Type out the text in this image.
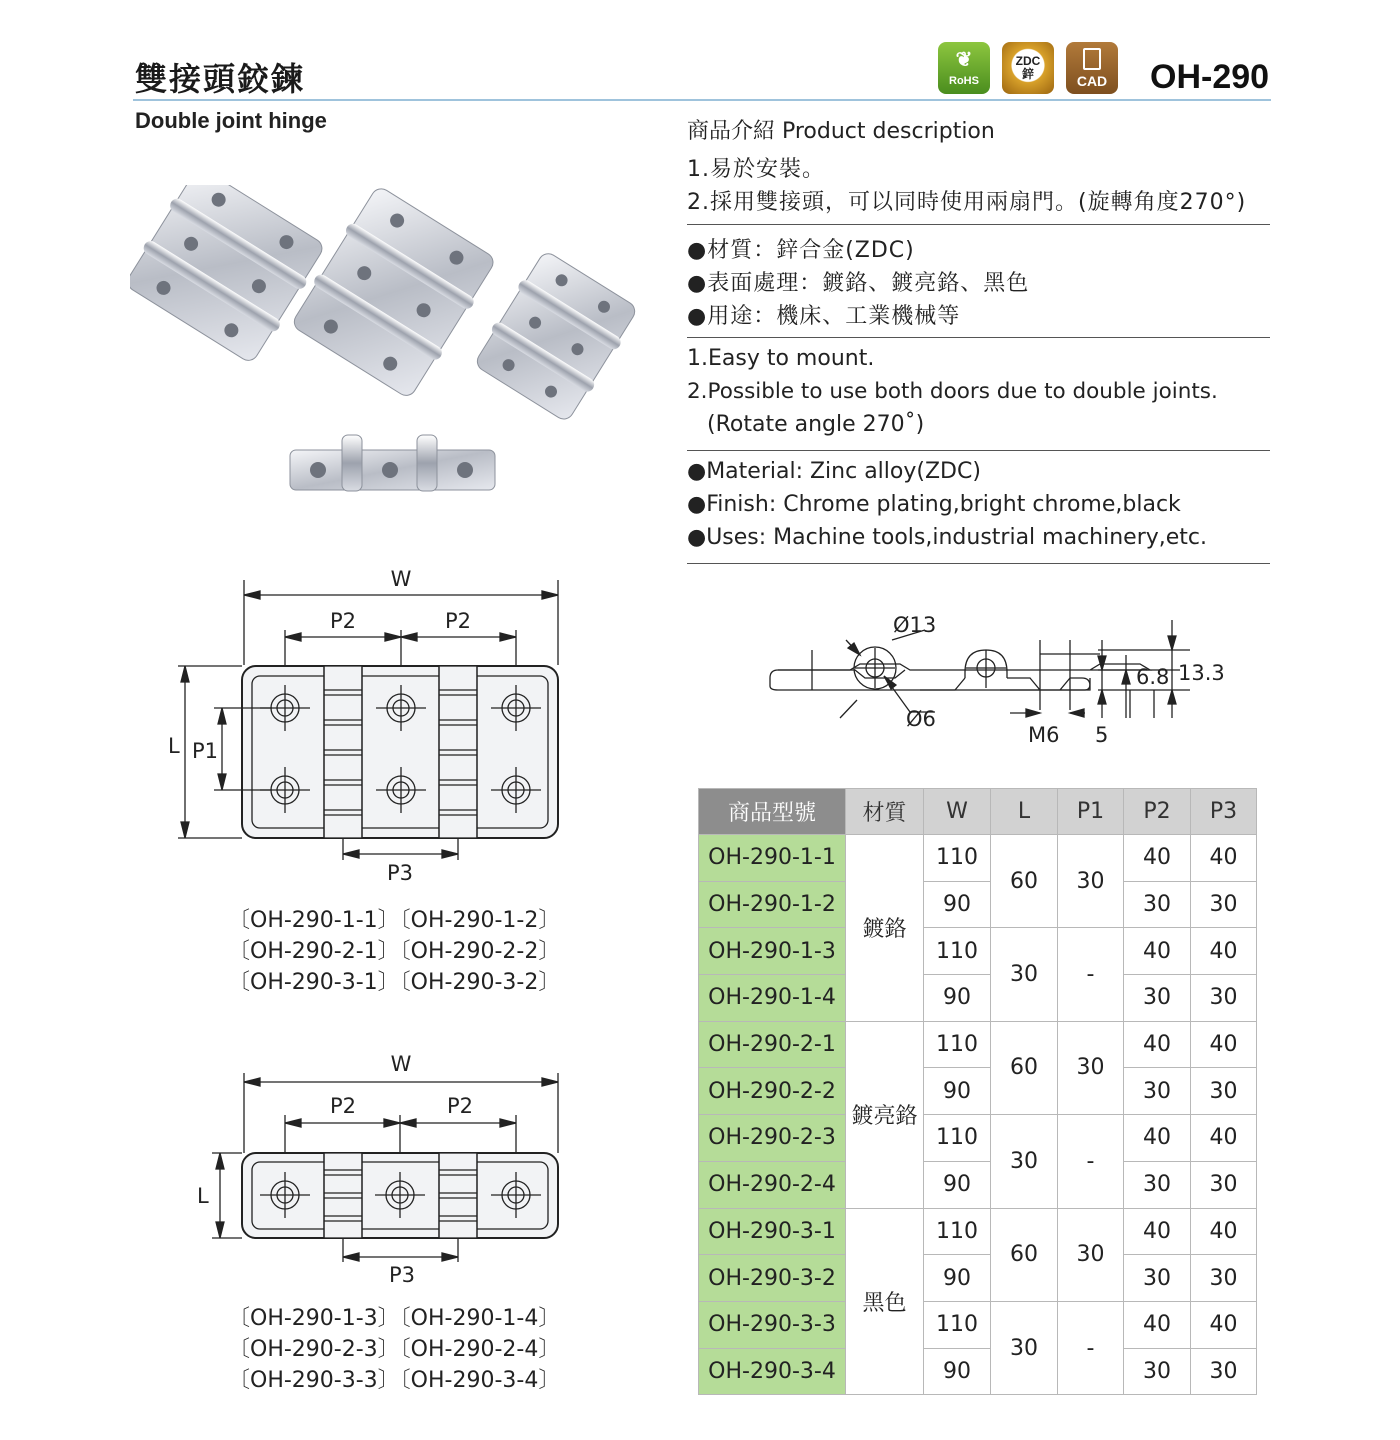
雙接頭鉸鍊
Double joint hinge
❦
RoHS
ZDC
鋅	CAD OH-290
商品介紹 Product description
1.易於安裝。
2.採用雙接頭，可以同時使用兩扇門。(旋轉角度270°)
●材質：鋅合金(ZDC)
●表面處理：鍍鉻、鍍亮鉻、黑色
●用途：機床、工業機械等
1.Easy to mount.
2.Possible to use both doors due to double joints.
(Rotate angle 270˚)
●Material: Zinc alloy(ZDC)
●Finish: Chrome plating,bright chrome,black
●Uses: Machine tools,industrial machinery,etc.
W
P2	P2
L P1
P3
〔OH-290-1-1〕〔OH-290-1-2〕
〔OH-290-2-1〕〔OH-290-2-2〕
〔OH-290-3-1〕〔OH-290-3-2〕
W
P2	P2
L
P3
〔OH-290-1-3〕〔OH-290-1-4〕
〔OH-290-2-3〕〔OH-290-2-4〕
〔OH-290-3-3〕〔OH-290-3-4〕
Ø13
Ø6
M6 5
6.8 13.3
商品型號	材質	W	L	P1	P2	P3
OH-290-1-1	鍍鉻	110	60	30	40	40
OH-290-1-2		90			30	30
OH-290-1-3		110	30	-	40	40
OH-290-1-4		90			30	30
OH-290-2-1	鍍亮鉻	110	60	30	40	40
OH-290-2-2		90			30	30
OH-290-2-3		110	30	-	40	40
OH-290-2-4		90			30	30
OH-290-3-1	黑色	110	60	30	40	40
OH-290-3-2		90			30	30
OH-290-3-3		110	30	-	40	40
OH-290-3-4		90			30	30
